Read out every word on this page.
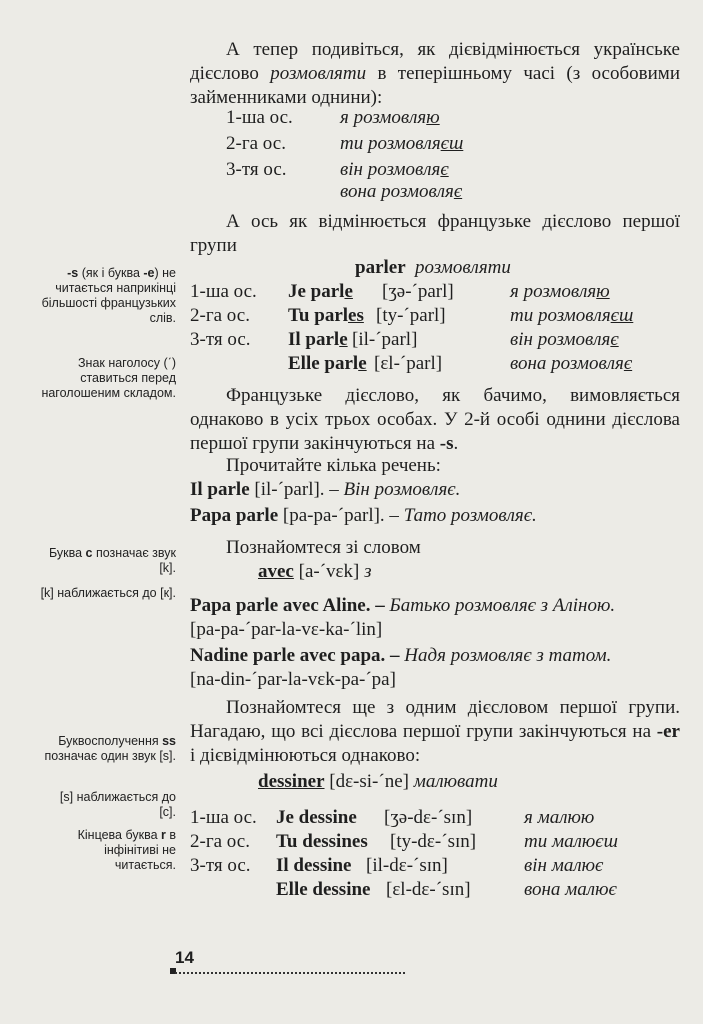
А тепер подивіться, як дієвідмінюється українське дієслово розмовляти в теперішньому часі (з особовими займенниками однини):

1-ша ос. я розмовляю
2-га ос.	ти розмовляєш
3-тя ос.	він розмовляє
вона розмовляє

А ось як відмінюється французьке дієслово першої групи

parler розмовляти
1-ша ос. Je parle [ʒə-ˊparl]	я розмовляю
2-га ос. Tu parles [ty-ˊparl]	ти розмовляєш
3-тя ос. Il parle [il-ˊparl]	він розмовляє
Elle parle [ɛl-ˊparl]	вона розмовляє

Французьке дієслово, як бачимо, вимовляється однаково в усіх трьох особах. У 2-й особі однини дієслова першої групи закінчуються на -s.

Прочитайте кілька речень:
Il parle [il-ˊparl]. – Він розмовляє.
Papa parle [pa-pa-ˊparl]. – Тато розмовляє.
Познайомтеся зі словом
avec [a-ˊvɛk] з
Papa parle avec Aline. – Батько розмовляє з Аліною.
[pa-pa-ˊpar-la-vɛ-ka-ˊlin]
Nadine parle avec papa. – Надя розмовляє з татом.
[na-din-ˊpar-la-vɛk-pa-ˊpa]

Познайомтеся ще з одним дієсловом першої групи. Нагадаю, що всі дієслова першої групи закінчуються на -er і дієвідмінюються однаково:

dessiner [dɛ-si-ˊne] малювати
1-ша ос. Je dessine [ʒə-dɛ-ˊsɪn]	я малюю
2-га ос. Tu dessines [ty-dɛ-ˊsɪn]	ти малюєш
3-тя ос. Il dessine [il-dɛ-ˊsɪn]	він малює
Elle dessine [ɛl-dɛ-ˊsɪn]	вона малює
-s (як і буква -e) не читається наприкінці більшості французьких слів.
Знак наголосу (ˊ) ставиться перед наголошеним складом.
Буква c позначає звук [k].
[k] наближається до [к].
Буквосполучення ss позначає один звук [s].
[s] наближається до [с].
Кінцева буква r в інфінітиві не читається.
14
